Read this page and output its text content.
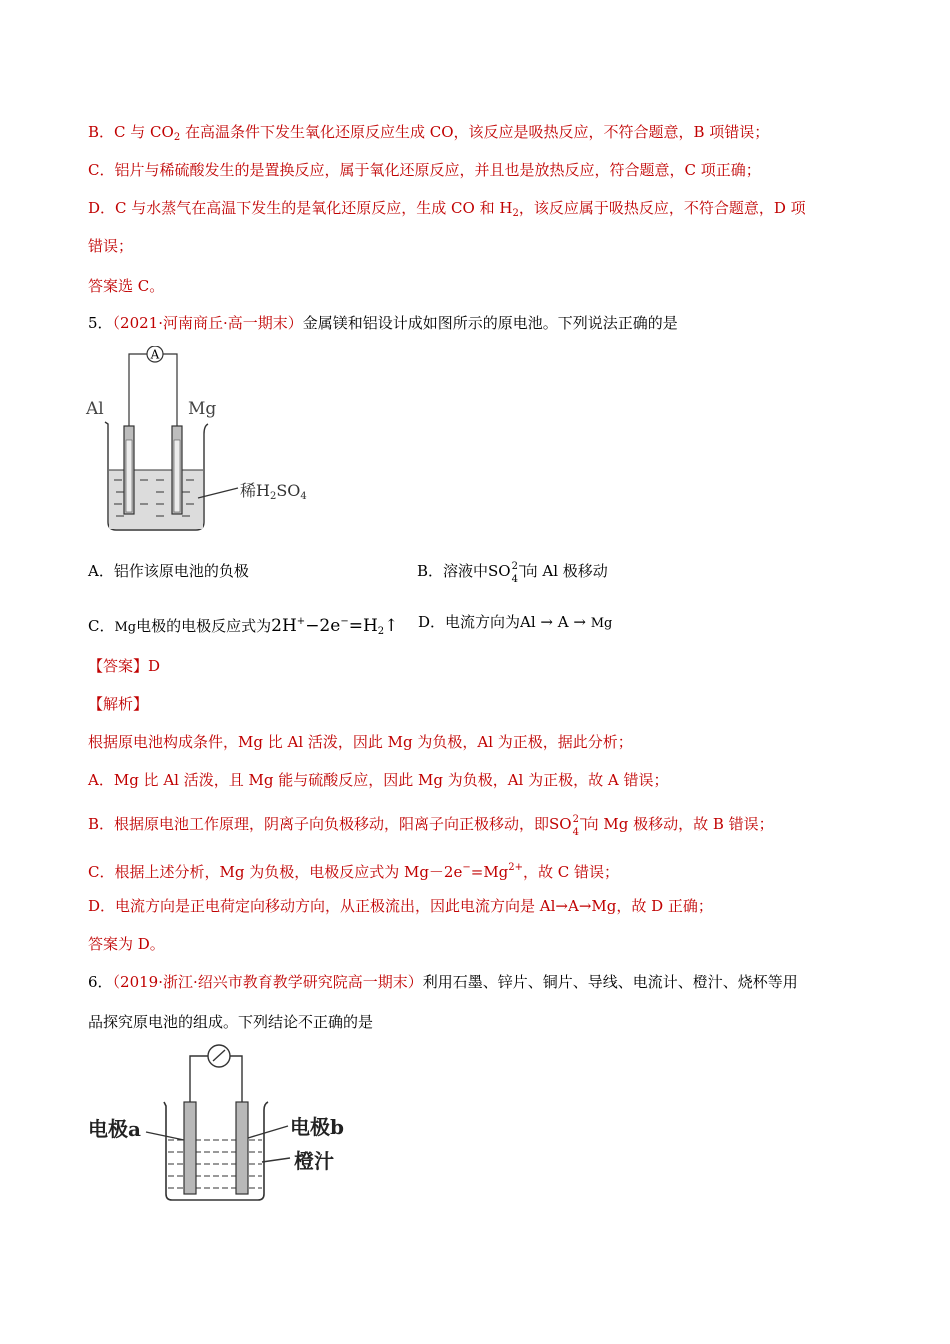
B．C 与 $CO_2$ 在高温条件下发生氧化还原反应生成 CO，该反应是吸热反应，不符合题意，B 项错误；
C．铝片与稀硫酸发生的是置换反应，属于氧化还原反应，并且也是放热反应，符合题意，C 项正确；
D．C 与水蒸气在高温下发生的是氧化还原反应，生成 CO 和 $H_2$，该反应属于吸热反应，不符合题意，D 项
错误；
答案选 C。
5．（2021·河南商丘·高一期末）金属镁和铝设计成如图所示的原电池。下列说法正确的是
A
Al	Mg
稀H2SO4
A．铝作该原电池的负极	B．溶液中SO 2−
4 向 Al 极移动
C．Mg电极的电极反应式为$2H^+-2e^-=H_2↑$ D．电流方向为Al → A → Mg
【答案】D
【解析】
根据原电池构成条件，Mg 比 Al 活泼，因此 Mg 为负极，Al 为正极，据此分析；
A．Mg 比 Al 活泼，且 Mg 能与硫酸反应，因此 Mg 为负极，Al 为正极，故 A 错误；
B．根据原电池工作原理，阴离子向负极移动，阳离子向正极移动，即SO 2−
4 向 Mg 极移动，故 B 错误；
C．根据上述分析，Mg 为负极，电极反应式为 $Mg-2e^-=Mg^{2+}$，故 C 错误；
D．电流方向是正电荷定向移动方向，从正极流出，因此电流方向是 Al→A→Mg，故 D 正确；
答案为 D。
6．（2019·浙江·绍兴市教育教学研究院高一期末）利用石墨、锌片、铜片、导线、电流计、橙汁、烧杯等用
品探究原电池的组成。下列结论不正确的是
电极a	电极b
橙汁
